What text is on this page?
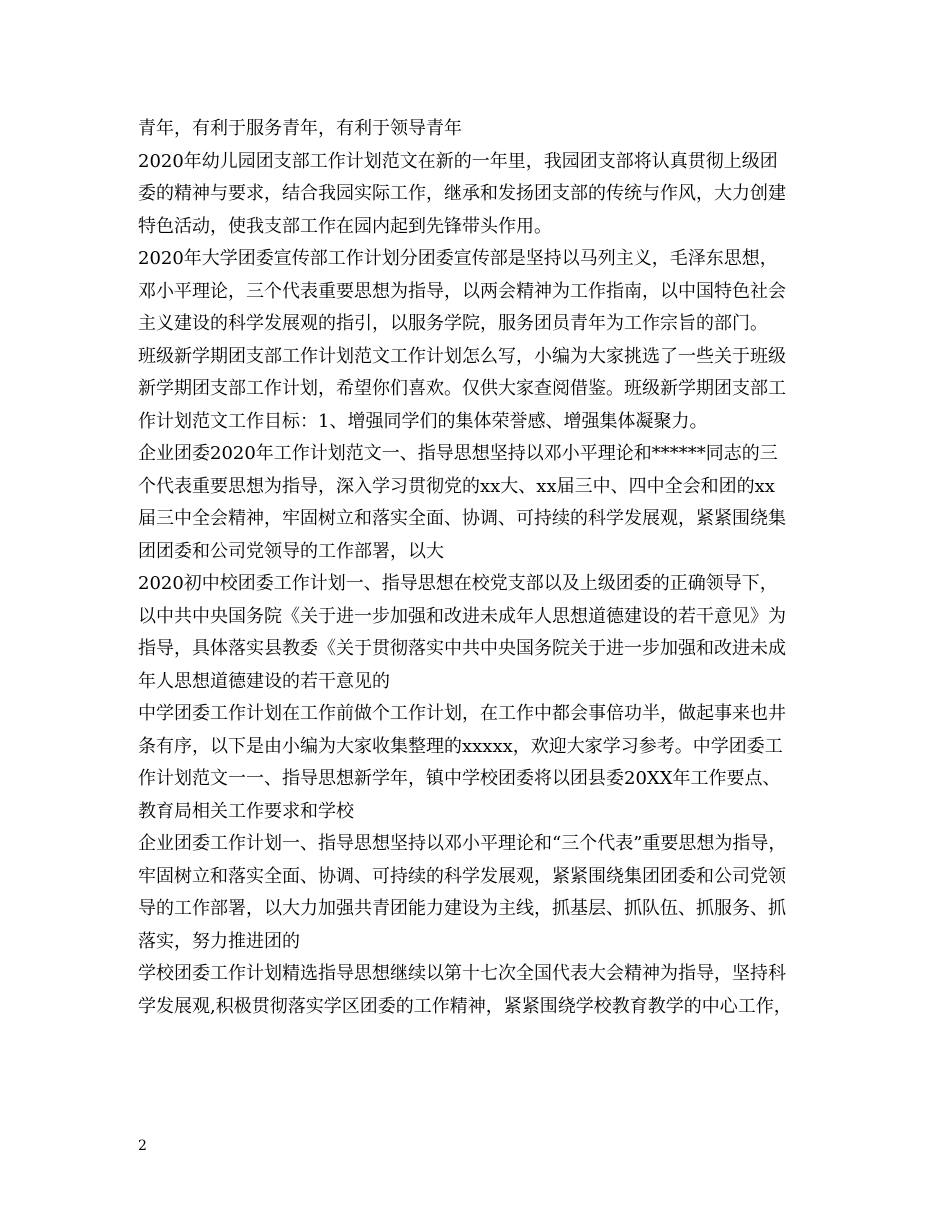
青年，有利于服务青年，有利于领导青年

2020年幼儿园团支部工作计划范文在新的一年里，我园团支部将认真贯彻上级团
委的精神与要求，结合我园实际工作，继承和发扬团支部的传统与作风，大力创建
特色活动，使我支部工作在园内起到先锋带头作用。

2020年大学团委宣传部工作计划分团委宣传部是坚持以马列主义，毛泽东思想，
邓小平理论，三个代表重要思想为指导，以两会精神为工作指南，以中国特色社会
主义建设的科学发展观的指引，以服务学院，服务团员青年为工作宗旨的部门。

班级新学期团支部工作计划范文工作计划怎么写，小编为大家挑选了一些关于班级
新学期团支部工作计划，希望你们喜欢。仅供大家查阅借鉴。班级新学期团支部工
作计划范文工作目标：1、增强同学们的集体荣誉感、增强集体凝聚力。

企业团委2020年工作计划范文一、指导思想坚持以邓小平理论和******同志的三
个代表重要思想为指导，深入学习贯彻党的xx大、xx届三中、四中全会和团的xx
届三中全会精神，牢固树立和落实全面、协调、可持续的科学发展观，紧紧围绕集
团团委和公司党领导的工作部署，以大

2020初中校团委工作计划一、指导思想在校党支部以及上级团委的正确领导下，
以中共中央国务院《关于进一步加强和改进未成年人思想道德建设的若干意见》为
指导，具体落实县教委《关于贯彻落实中共中央国务院关于进一步加强和改进未成
年人思想道德建设的若干意见的

中学团委工作计划在工作前做个工作计划，在工作中都会事倍功半，做起事来也井
条有序，以下是由小编为大家收集整理的xxxxx，欢迎大家学习参考。中学团委工
作计划范文一一、指导思想新学年，镇中学校团委将以团县委20XX年工作要点、
教育局相关工作要求和学校

企业团委工作计划一、指导思想坚持以邓小平理论和“三个代表”重要思想为指导，
牢固树立和落实全面、协调、可持续的科学发展观，紧紧围绕集团团委和公司党领
导的工作部署，以大力加强共青团能力建设为主线，抓基层、抓队伍、抓服务、抓
落实，努力推进团的

学校团委工作计划精选指导思想继续以第十七次全国代表大会精神为指导，坚持科
学发展观,积极贯彻落实学区团委的工作精神，紧紧围绕学校教育教学的中心工作，

2
